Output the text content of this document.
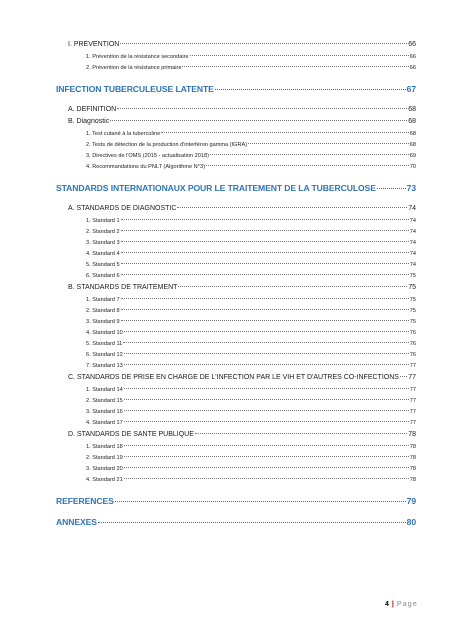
I. PREVENTION	66
1. Prévention de la résistance secondaire	66
2. Prévention de la résistance primaire	66
INFECTION TUBERCULEUSE LATENTE	67
A. DEFINITION	68
B. Diagnostic	68
1. Test cutané à la tuberculine	68
2. Tests de détection de la production d'interféron gamma (IGRA)	68
3. Directives de l'OMS (2015 - actualisation 2018)	69
4. Recommandations du PNLT (Algorithme N°3)	70
STANDARDS INTERNATIONAUX POUR LE TRAITEMENT DE LA TUBERCULOSE	73
A. STANDARDS DE DIAGNOSTIC	74
1. Standard 1	74
2. Standard 2	74
3. Standard 3	74
4. Standard 4	74
5. Standard 5	74
6. Standard 6	75
B. STANDARDS DE TRAITEMENT	75
1. Standard 7	75
2. Standard 8	75
3. Standard 9	75
4. Standard 10	76
5. Standard 11	76
6. Standard 12	76
7. Standard 13	77
C. STANDARDS DE PRISE EN CHARGE DE L'INFECTION PAR LE VIH ET D'AUTRES CO-INFECTIONS 77
1. Standard 14	77
2. Standard 15	77
3. Standard 16	77
4. Standard 17	77
D. STANDARDS DE SANTE PUBLIQUE	78
1. Standard 18	78
2. Standard 19	78
3. Standard 20	78
4. Standard 21	78
REFERENCES	79
ANNEXES	80
4 | Page
